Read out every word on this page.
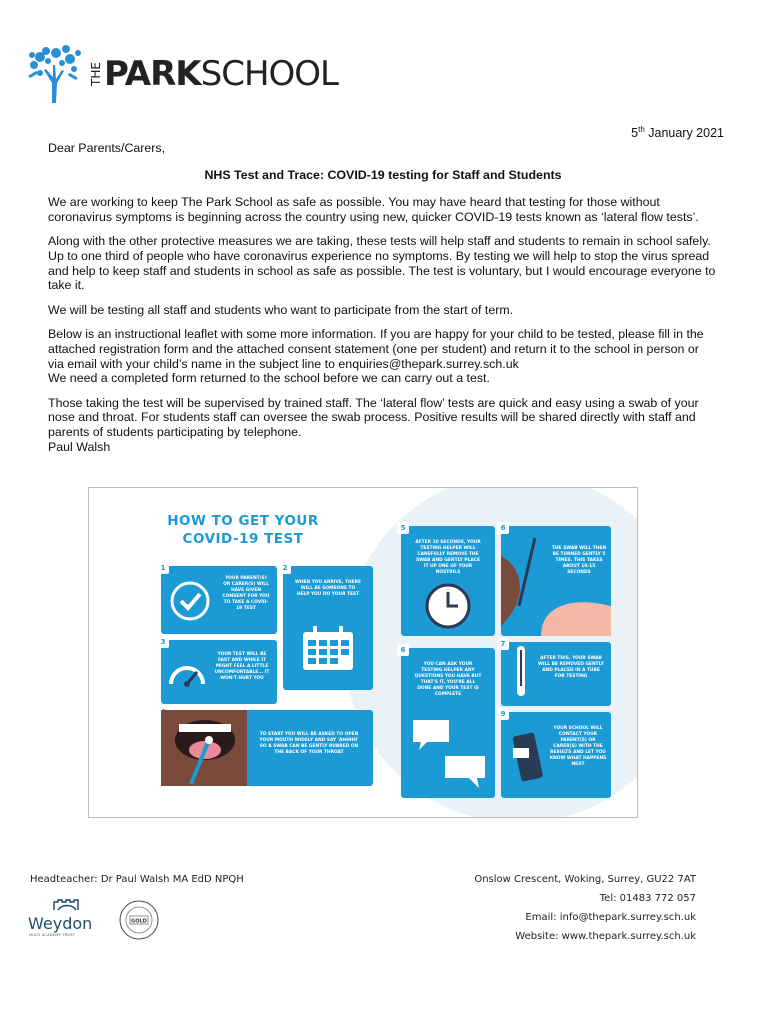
THE PARK SCHOOL
5th January 2021

Dear Parents/Carers,

NHS Test and Trace: COVID-19 testing for Staff and Students

We are working to keep The Park School as safe as possible. You may have heard that testing for those without coronavirus symptoms is beginning across the country using new, quicker COVID-19 tests known as ‘lateral flow tests’.

Along with the other protective measures we are taking, these tests will help staff and students to remain in school safely. Up to one third of people who have coronavirus experience no symptoms. By testing we will help to stop the virus spread and help to keep staff and students in school as safe as possible. The test is voluntary, but I would encourage everyone to take it.

We will be testing all staff and students who want to participate from the start of term.

Below is an instructional leaflet with some more information. If you are happy for your child to be tested, please fill in the attached registration form and the attached consent statement (one per student) and return it to the school in person or via email with your child’s name in the subject line to enquiries@thepark.surrey.sch.uk

We need a completed form returned to the school before we can carry out a test.

Those taking the test will be supervised by trained staff. The ‘lateral flow’ tests are quick and easy using a swab of your nose and throat. For students staff can oversee the swab process. Positive results will be shared directly with staff and parents of students participating by telephone.

Paul Walsh

HOW TO GET YOUR
COVID-19 TEST
1
YOUR PARENT(S) OR CARER(S) WILL HAVE GIVEN CONSENT FOR YOU TO TAKE A COVID-19 TEST
2
WHEN YOU ARRIVE, THERE WILL BE SOMEONE TO HELP YOU DO YOUR TEST
3
YOUR TEST WILL BE FAST AND WHILE IT MIGHT FEEL A LITTLE UNCOMFORTABLE... IT WON'T HURT YOU
TO START YOU WILL BE ASKED TO OPEN YOUR MOUTH WIDELY AND SAY 'AHHHH' SO A SWAB CAN BE GENTLY RUBBED ON THE BACK OF YOUR THROAT
5
AFTER 10 SECONDS, YOUR TESTING HELPER WILL CAREFULLY REMOVE THE SWAB AND GENTLY PLACE IT UP ONE OF YOUR NOSTRILS
6
THE SWAB WILL THEN BE TURNED GENTLY 5 TIMES. THIS TAKES ABOUT 10-15 SECONDS
6
YOU CAN ASK YOUR TESTING HELPER ANY QUESTIONS YOU HAVE BUT THAT'S IT, YOU'RE ALL DONE AND YOUR TEST IS COMPLETE
7
AFTER THIS, YOUR SWAB WILL BE REMOVED GENTLY AND PLACED IN A TUBE FOR TESTING
9
YOUR SCHOOL WILL CONTACT YOUR PARENT(S) OR CARER(S) WITH THE RESULTS AND LET YOU KNOW WHAT HAPPENS NEXT
Headteacher: Dr Paul Walsh MA EdD NPQH	Onslow Crescent, Woking, Surrey, GU22 7AT
Tel: 01483 772 057
Email: info@thepark.surrey.sch.uk
Website: www.thepark.surrey.sch.uk
Weydon
MULTI ACADEMY TRUST
GOLD
